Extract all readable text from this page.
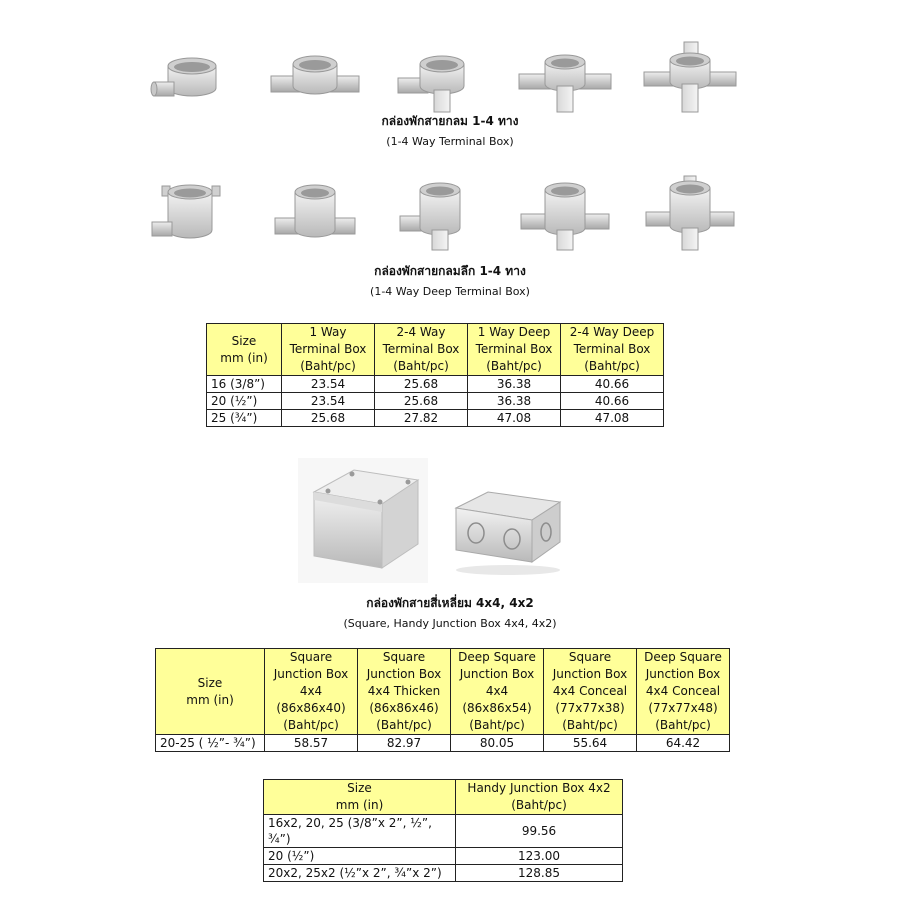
กล่องพักสายกลม 1-4 ทาง
(1-4 Way Terminal Box)
กล่องพักสายกลมลึก 1-4 ทาง
(1-4 Way Deep Terminal Box)
Size
mm (in)	1 Way
Terminal Box
(Baht/pc)	2-4 Way
Terminal Box
(Baht/pc)	1 Way Deep
Terminal Box
(Baht/pc)	2-4 Way Deep
Terminal Box
(Baht/pc)
16 (3/8”)	23.54	25.68	36.38	40.66
20 (½”)	23.54	25.68	36.38	40.66
25 (¾”)	25.68	27.82	47.08	47.08
กล่องพักสายสี่เหลี่ยม 4x4, 4x2
(Square, Handy Junction Box 4x4, 4x2)
Size
mm (in)	Square
Junction Box
4x4
(86x86x40)
(Baht/pc)	Square
Junction Box
4x4 Thicken
(86x86x46)
(Baht/pc)	Deep Square
Junction Box
4x4
(86x86x54)
(Baht/pc)	Square
Junction Box
4x4 Conceal
(77x77x38)
(Baht/pc)	Deep Square
Junction Box
4x4 Conceal
(77x77x48)
(Baht/pc)
20-25 ( ½”- ¾”)	58.57	82.97	80.05	55.64	64.42
Size
mm (in)	Handy Junction Box 4x2
(Baht/pc)
16x2, 20, 25 (3/8”x 2”, ½”, ¾”)	99.56
20 (½”)	123.00
20x2, 25x2 (½”x 2”, ¾”x 2”)	128.85
